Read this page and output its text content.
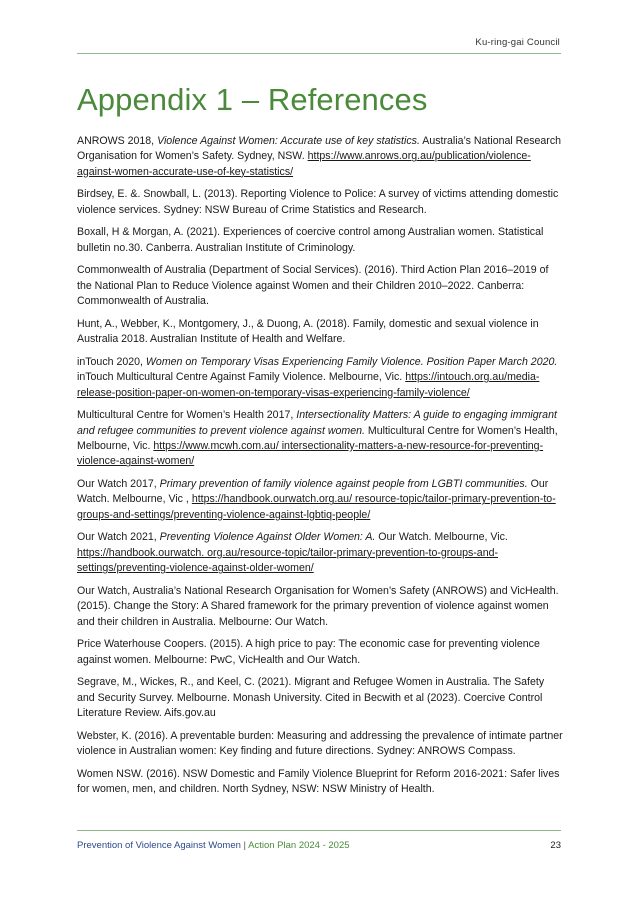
Ku-ring-gai Council
Appendix 1 – References

ANROWS 2018, Violence Against Women: Accurate use of key statistics. Australia’s National Research Organisation for Women’s Safety. Sydney, NSW. https://www.anrows.org.au/publication/violence-against-women-accurate-use-of-key-statistics/

Birdsey, E. &. Snowball, L. (2013). Reporting Violence to Police: A survey of victims attending domestic violence services. Sydney: NSW Bureau of Crime Statistics and Research.

Boxall, H & Morgan, A. (2021). Experiences of coercive control among Australian women. Statistical bulletin no.30. Canberra. Australian Institute of Criminology.

Commonwealth of Australia (Department of Social Services). (2016). Third Action Plan 2016–2019 of the National Plan to Reduce Violence against Women and their Children 2010–2022. Canberra: Commonwealth of Australia.

Hunt, A., Webber, K., Montgomery, J., & Duong, A. (2018). Family, domestic and sexual violence in Australia 2018. Australian Institute of Health and Welfare.

inTouch 2020, Women on Temporary Visas Experiencing Family Violence. Position Paper March 2020. inTouch Multicultural Centre Against Family Violence. Melbourne, Vic. https://intouch.org.au/media-release-position-paper-on-women-on-temporary-visas-experiencing-family-violence/

Multicultural Centre for Women’s Health 2017, Intersectionality Matters: A guide to engaging immigrant and refugee communities to prevent violence against women. Multicultural Centre for Women’s Health, Melbourne, Vic. https://www.mcwh.com.au/ intersectionality-matters-a-new-resource-for-preventing-violence-against-women/

Our Watch 2017, Primary prevention of family violence against people from LGBTI communities. Our Watch. Melbourne, Vic , https://handbook.ourwatch.org.au/ resource-topic/tailor-primary-prevention-to-groups-and-settings/preventing-violence-against-lgbtiq-people/

Our Watch 2021, Preventing Violence Against Older Women: A. Our Watch. Melbourne, Vic. https://handbook.ourwatch. org.au/resource-topic/tailor-primary-prevention-to-groups-and-settings/preventing-violence-against-older-women/

Our Watch, Australia’s National Research Organisation for Women’s Safety (ANROWS) and VicHealth. (2015). Change the Story: A Shared framework for the primary prevention of violence against women and their children in Australia. Melbourne: Our Watch.

Price Waterhouse Coopers. (2015). A high price to pay: The economic case for preventing violence against women. Melbourne: PwC, VicHealth and Our Watch.

Segrave, M., Wickes, R., and Keel, C. (2021). Migrant and Refugee Women in Australia. The Safety and Security Survey. Melbourne. Monash University. Cited in Becwith et al (2023). Coercive Control Literature Review. Aifs.gov.au

Webster, K. (2016). A preventable burden: Measuring and addressing the prevalence of intimate partner violence in Australian women: Key finding and future directions. Sydney: ANROWS Compass.

Women NSW. (2016). NSW Domestic and Family Violence Blueprint for Reform 2016-2021: Safer lives for women, men, and children. North Sydney, NSW: NSW Ministry of Health.

Prevention of Violence Against Women | Action Plan 2024 - 2025	23
